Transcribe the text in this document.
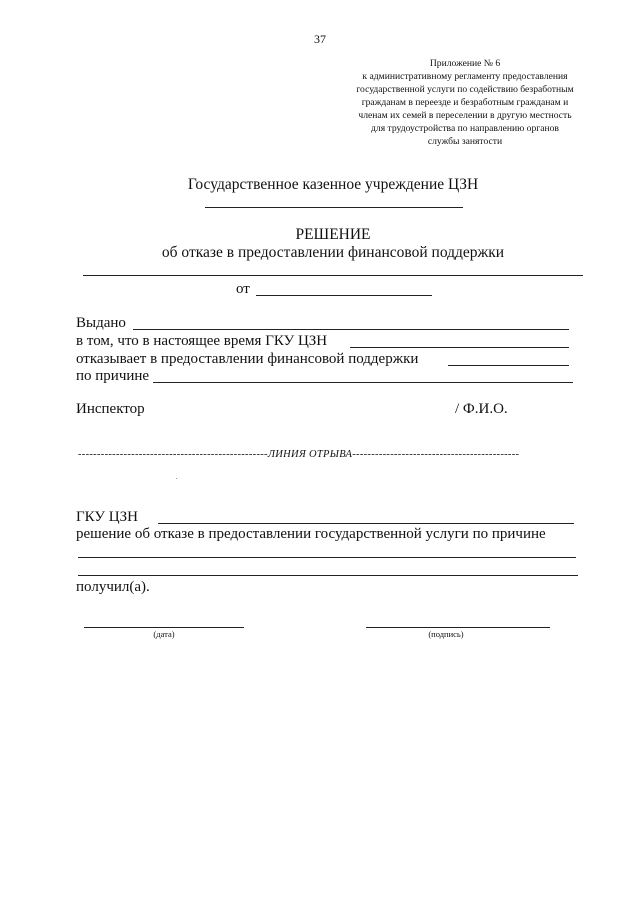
37
Приложение № 6
к административному регламенту предоставления
государственной услуги по содействию безработным
гражданам в переезде и безработным гражданам и
членам их семей в переселении в другую местность
для трудоустройства по направлению органов
службы занятости
Государственное казенное учреждение ЦЗН
РЕШЕНИЕ
об отказе в предоставлении финансовой поддержки
от
Выдано
в том, что в настоящее время ГКУ ЦЗН
отказывает в предоставлении финансовой поддержки
по причине
Инспектор	/ Ф.И.О.
--------------------------------------------------ЛИНИЯ ОТРЫВА--------------------------------------------
ГКУ ЦЗН
решение об отказе в предоставлении государственной услуги по причине
получил(а).
(дата)	(подпись)
